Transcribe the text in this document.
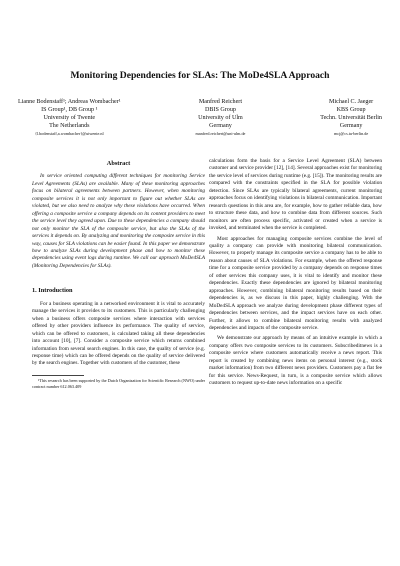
Monitoring Dependencies for SLAs: The MoDe4SLA Approach
Lianne Bodenstaff¹; Andreas Wombacher¹
IS Group¹, DB Group ¹
University of Twente
The Netherlands
{l.bodenstaff,a.wombacher}@utwente.nl
Manfred Reichert
DBIS Group
University of Ulm
Germany
manfred.reichert@uni-ulm.de
Michael C. Jaeger
KBS Group
Techn. Universität Berlin
Germany
mcj@cs.tu-berlin.de
Abstract

In service oriented computing different techniques for monitoring Service Level Agreements (SLAs) are available. Many of these monitoring approaches focus on bilateral agreements between partners. However, when monitoring composite services it is not only important to figure out whether SLAs are violated, but we also need to analyze why these violations have occurred. When offering a composite service a company depends on its content providers to meet the service level they agreed upon. Due to these dependencies a company should not only monitor the SLA of the composite service, but also the SLAs of the services it depends on. By analyzing and monitoring the composite service in this way, causes for SLA violations can be easier found. In this paper we demonstrate how to analyze SLAs during development phase and how to monitor these dependencies using event logs during runtime. We call our approach MoDe4SLA (Monitoring Dependencies for SLAs).

1. Introduction

For a business operating in a networked environment it is vital to accurately manage the services it provides to its customers. This is particularly challenging when a business offers composite services where interaction with services offered by other providers influence its performance. The quality of service, which can be offered to customers, is calculated taking all these dependencies into account [10], [7]. Consider a composite service which returns combined information from several search engines. In this case, the quality of service (e.g. response time) which can be offered depends on the quality of service delivered by the search engines. Together with customers of the customer, these

¹This research has been supported by the Dutch Organization for Scientific Research (NWO) under contract number 612.063.409

calculations form the basis for a Service Level Agreement (SLA) between customer and service provider [12], [14]. Several approaches exist for monitoring the service level of services during runtime (e.g. [15]). The monitoring results are compared with the constraints specified in the SLA for possible violation detection. Since SLAs are typically bilateral agreements, current monitoring approaches focus on identifying violations in bilateral communication. Important research questions in this area are, for example, how to gather reliable data, how to structure these data, and how to combine data from different sources. Such monitors are often process specific, activated or created when a service is invoked, and terminated when the service is completed.

Most approaches for managing composite services combine the level of quality a company can provide with monitoring bilateral communication. However, to properly manage its composite service a company has to be able to reason about causes of SLA violations. For example, when the offered response time for a composite service provided by a company depends on response times of other services this company uses, it is vital to identify and monitor these dependencies. Exactly these dependencies are ignored by bilateral monitoring approaches. However, combining bilateral monitoring results based on their dependencies is, as we discuss in this paper, highly challenging. With the MoDe4SLA approach we analyze during development phase different types of dependencies between services, and the impact services have on each other. Further, it allows to combine bilateral monitoring results with analyzed dependencies and impacts of the composite service.

We demonstrate our approach by means of an intuitive example in which a company offers two composite services to its customers. Subscribeditnews is a composite service where customers automatically receive a news report. This report is created by combining news items on personal interest (e.g., stock market information) from two different news providers. Customers pay a flat fee for this service. News-Request, in turn, is a composite service which allows customers to request up-to-date news information on a specific
